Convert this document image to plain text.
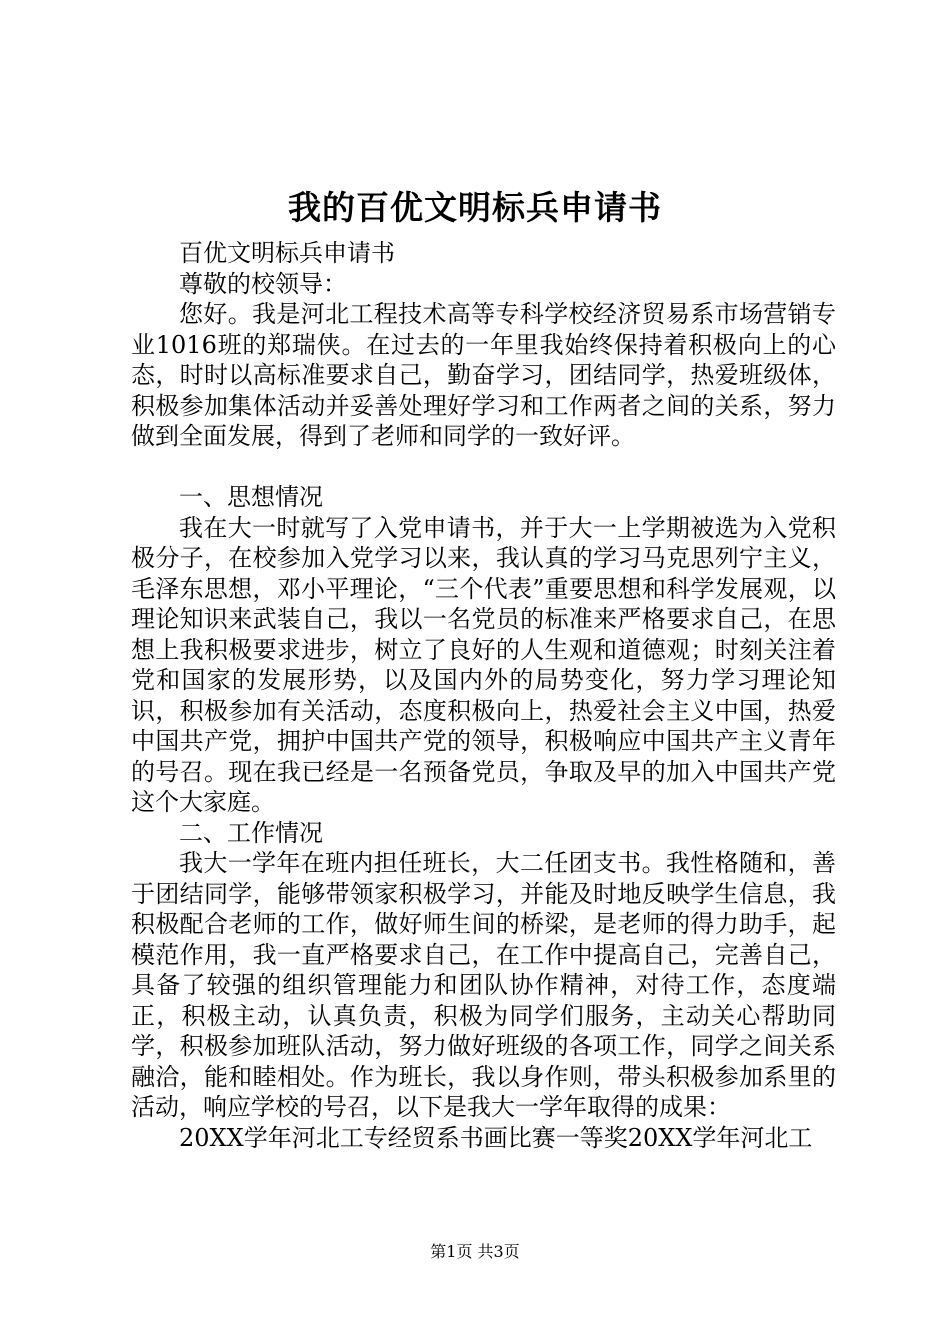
我的百优文明标兵申请书

百优文明标兵申请书

尊敬的校领导：

您好。我是河北工程技术高等专科学校经济贸易系市场营销专业1016班的郑瑞侠。在过去的一年里我始终保持着积极向上的心态，时时以高标准要求自己，勤奋学习，团结同学，热爱班级体，积极参加集体活动并妥善处理好学习和工作两者之间的关系，努力做到全面发展，得到了老师和同学的一致好评。

一、思想情况

我在大一时就写了入党申请书，并于大一上学期被选为入党积极分子，在校参加入党学习以来，我认真的学习马克思列宁主义，毛泽东思想，邓小平理论，“三个代表”重要思想和科学发展观，以理论知识来武装自己，我以一名党员的标准来严格要求自己，在思想上我积极要求进步，树立了良好的人生观和道德观；时刻关注着党和国家的发展形势，以及国内外的局势变化，努力学习理论知识，积极参加有关活动，态度积极向上，热爱社会主义中国，热爱中国共产党，拥护中国共产党的领导，积极响应中国共产主义青年的号召。现在我已经是一名预备党员，争取及早的加入中国共产党这个大家庭。

二、工作情况

我大一学年在班内担任班长，大二任团支书。我性格随和，善于团结同学，能够带领家积极学习，并能及时地反映学生信息，我积极配合老师的工作，做好师生间的桥梁，是老师的得力助手，起模范作用，我一直严格要求自己，在工作中提高自己，完善自己，具备了较强的组织管理能力和团队协作精神，对待工作，态度端正，积极主动，认真负责，积极为同学们服务，主动关心帮助同学，积极参加班队活动，努力做好班级的各项工作，同学之间关系融洽，能和睦相处。作为班长，我以身作则，带头积极参加系里的活动，响应学校的号召，以下是我大一学年取得的成果：

20XX学年河北工专经贸系书画比赛一等奖20XX学年河北工

第1页 共3页
